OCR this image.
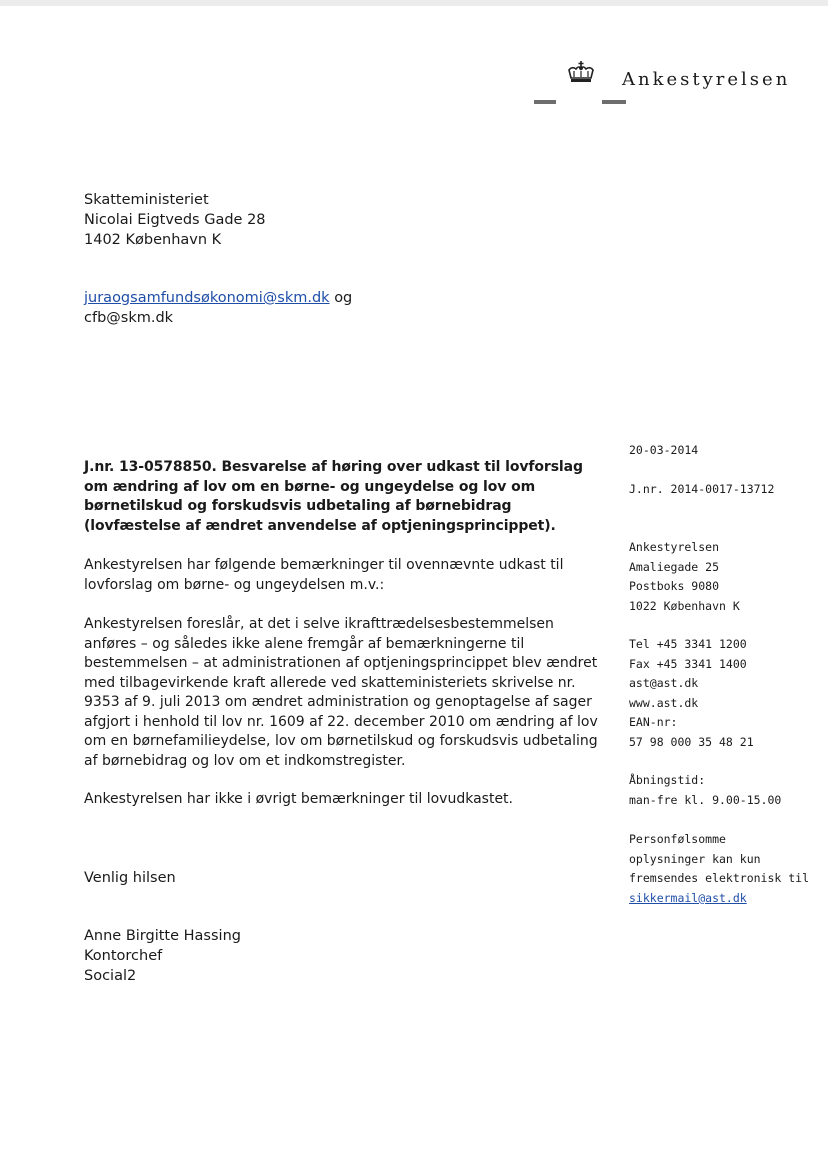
Ankestyrelsen
Skatteministeriet
Nicolai Eigtveds Gade 28
1402 København K
juraogsamfundsøkonomi@skm.dk og
cfb@skm.dk
J.nr. 13-0578850. Besvarelse af høring over udkast til lovforslag om ændring af lov om en børne- og ungeydelse og lov om børnetilskud og forskudsvis udbetaling af børnebidrag (lovfæstelse af ændret anvendelse af optjeningsprincippet).
Ankestyrelsen har følgende bemærkninger til ovennævnte udkast til lovforslag om børne- og ungeydelsen m.v.:
Ankestyrelsen foreslår, at det i selve ikrafttrædelsesbestemmelsen anføres – og således ikke alene fremgår af bemærkningerne til bestemmelsen – at administrationen af optjeningsprincippet blev ændret med tilbagevirkende kraft allerede ved skatteministeriets skrivelse nr. 9353 af 9. juli 2013 om ændret administration og genoptagelse af sager afgjort i henhold til lov nr. 1609 af 22. december 2010 om ændring af lov om en børnefamilieydelse, lov om børnetilskud og forskudsvis udbetaling af børnebidrag og lov om et indkomstregister.
Ankestyrelsen har ikke i øvrigt bemærkninger til lovudkastet.
Venlig hilsen
Anne Birgitte Hassing
Kontorchef
Social2
20-03-2014
J.nr. 2014-0017-13712
Ankestyrelsen
Amaliegade 25
Postboks 9080
1022 København K
Tel +45 3341 1200
Fax +45 3341 1400
ast@ast.dk
www.ast.dk
EAN-nr:
57 98 000 35 48 21
Åbningstid:
man-fre kl. 9.00-15.00
Personfølsomme
oplysninger kan kun
fremsendes elektronisk til
sikkermail@ast.dk
